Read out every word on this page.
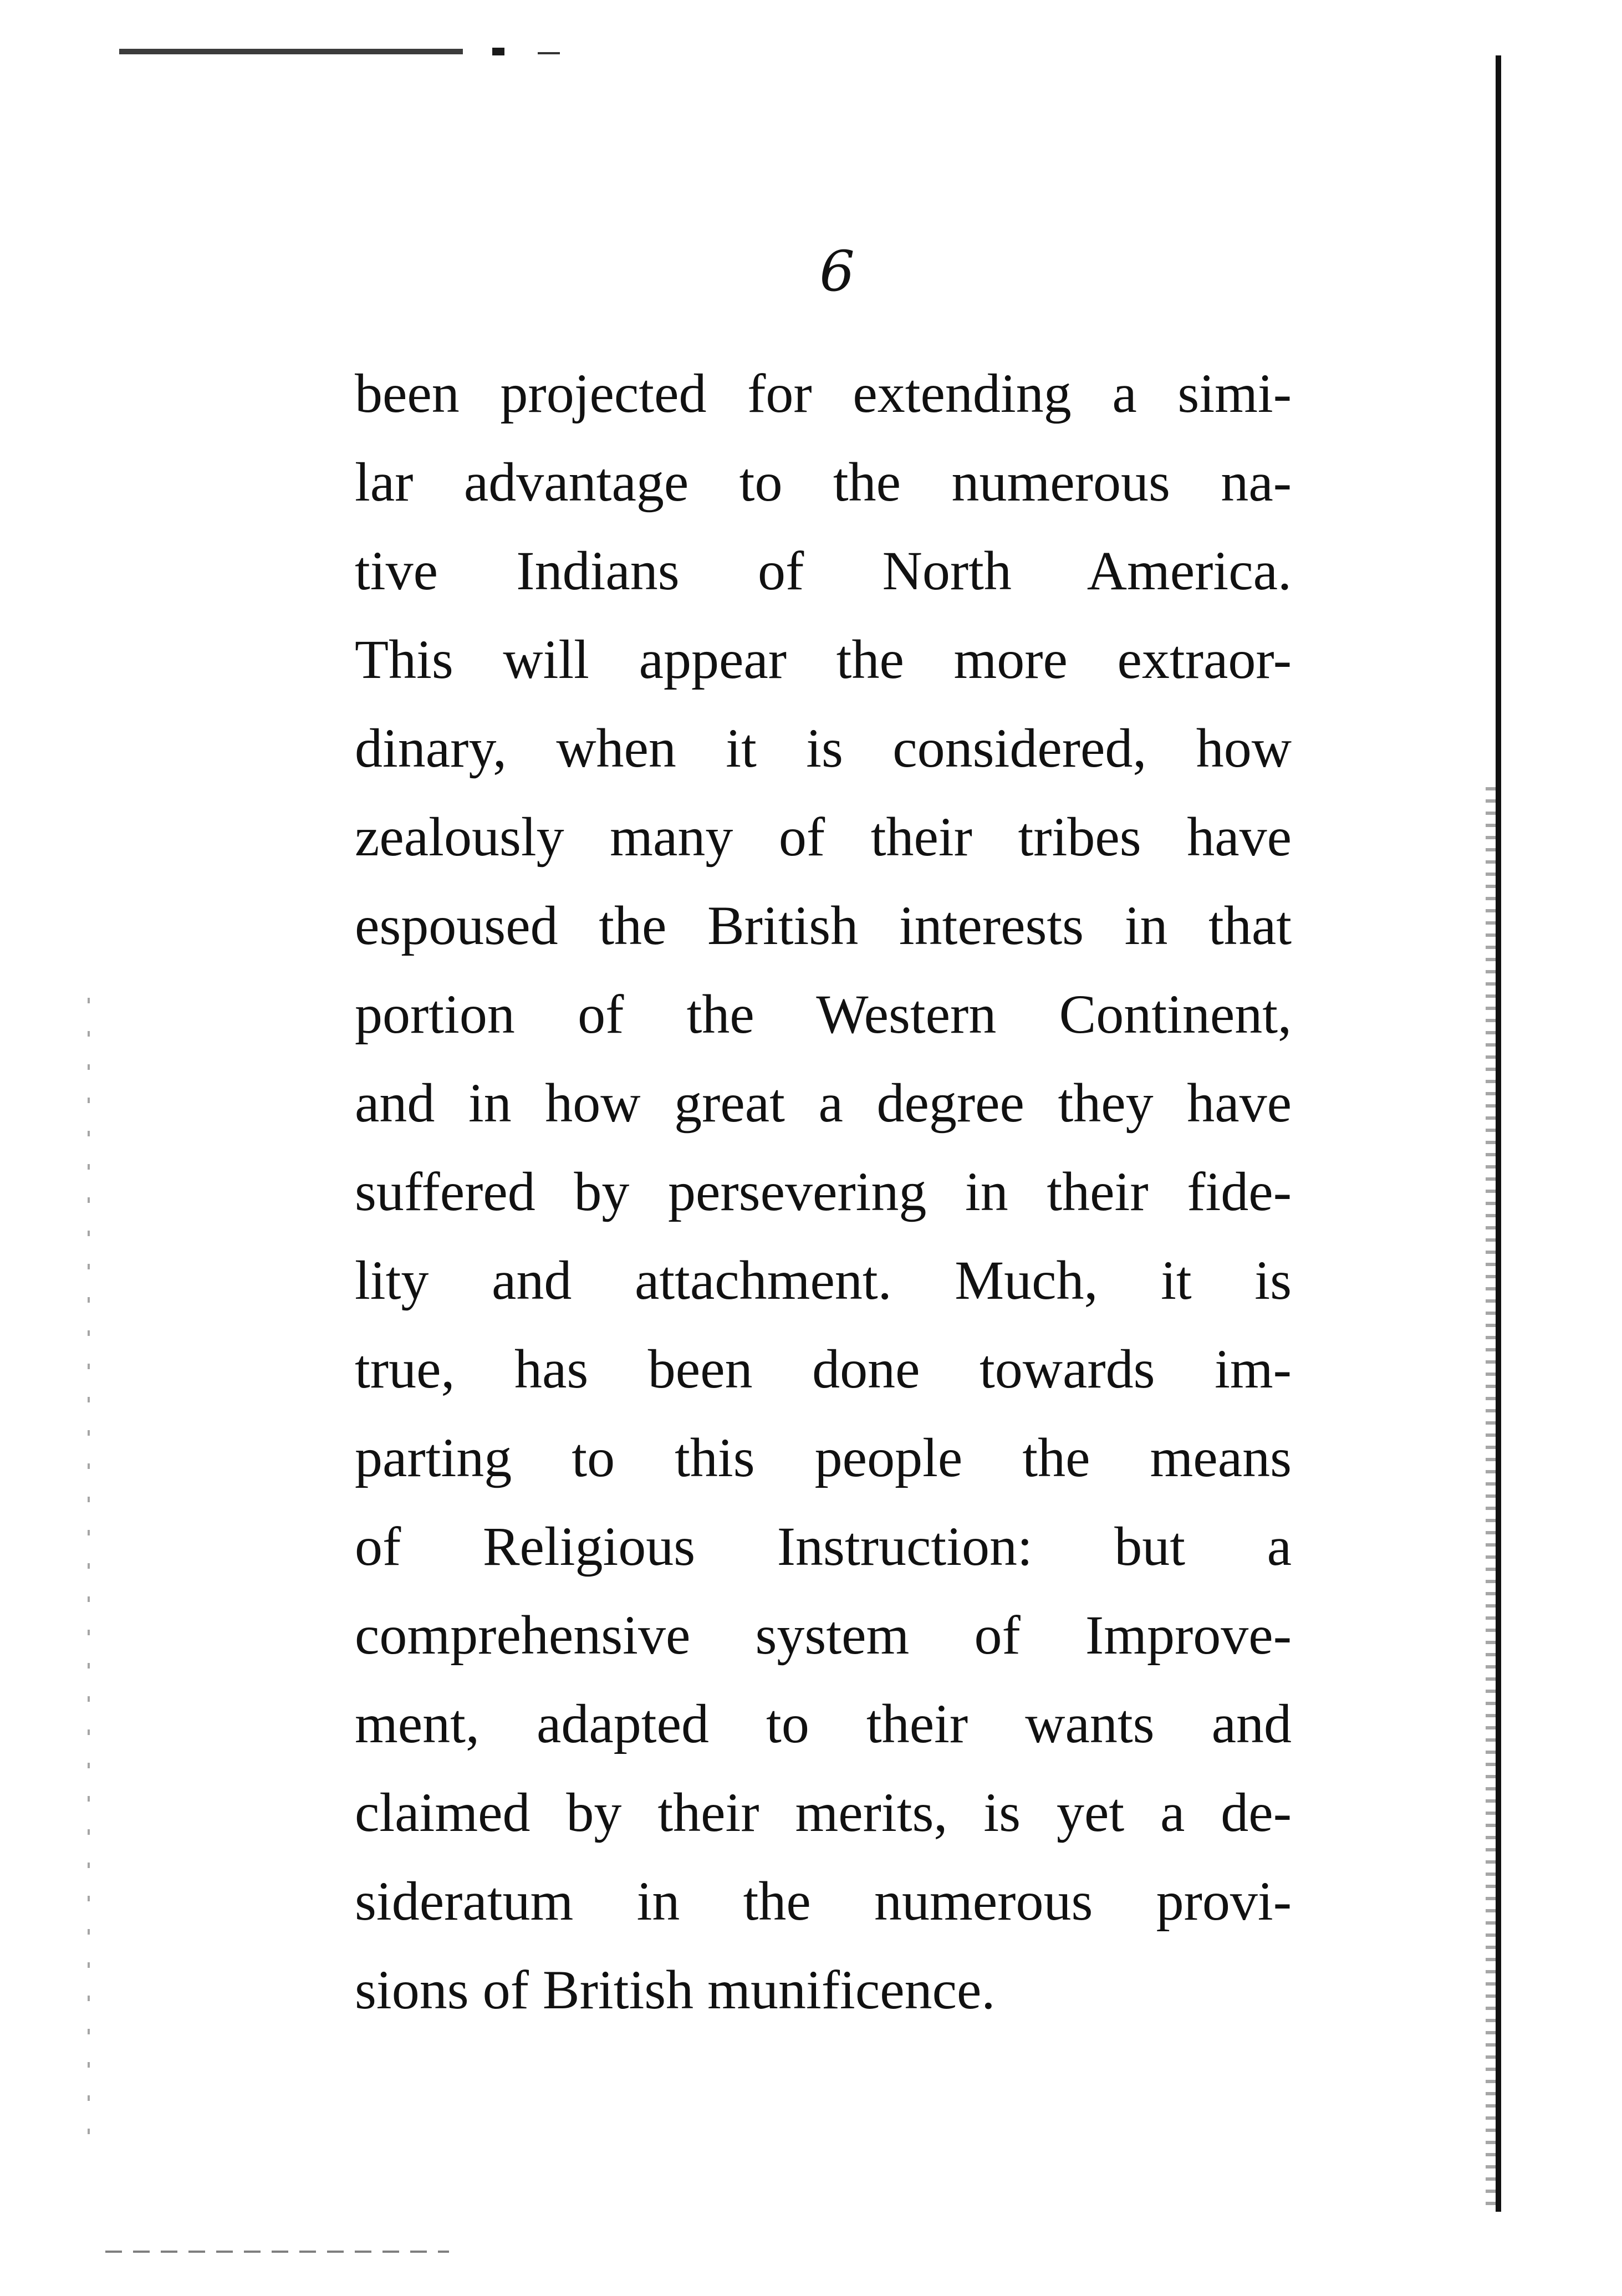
6
been projected for extending a simi-
lar advantage to the numerous na-
tive Indians of North America.
This will appear the more extraor-
dinary, when it is considered, how
zealously many of their tribes have
espoused the British interests in that
portion of the Western Continent,
and in how great a degree they have
suffered by persevering in their fide-
lity and attachment. Much, it is
true, has been done towards im-
parting to this people the means
of Religious Instruction: but a
comprehensive system of Improve-
ment, adapted to their wants and
claimed by their merits, is yet a de-
sideratum in the numerous provi-
sions of British munificence.
